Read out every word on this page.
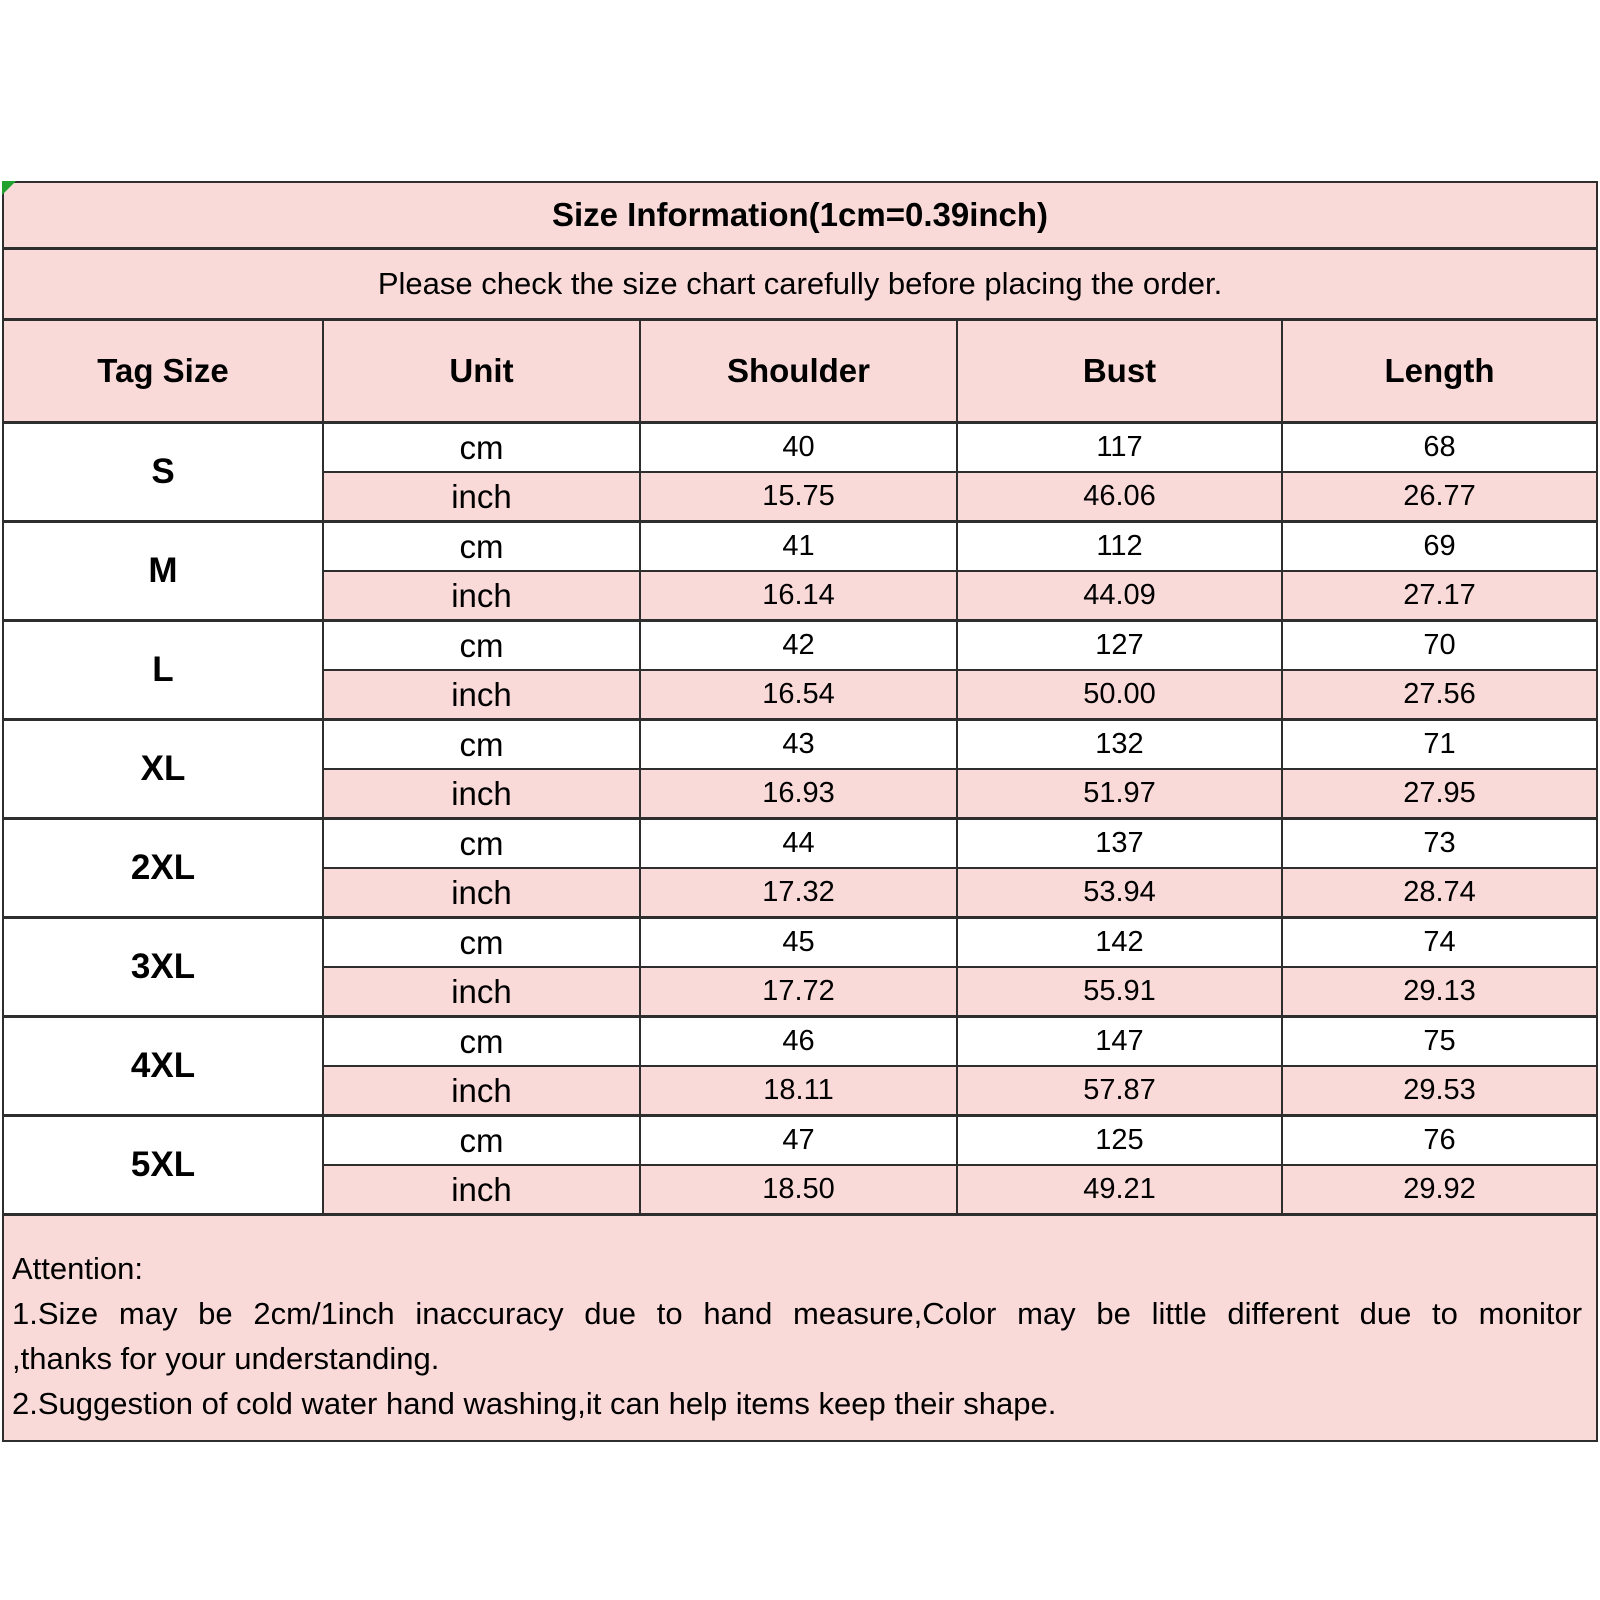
Size Information(1cm=0.39inch)				
Please check the size chart carefully before placing the order.				
Tag Size	Unit	Shoulder	Bust	Length
S	cm	40	117	68
	inch	15.75	46.06	26.77
M	cm	41	112	69
	inch	16.14	44.09	27.17
L	cm	42	127	70
	inch	16.54	50.00	27.56
XL	cm	43	132	71
	inch	16.93	51.97	27.95
2XL	cm	44	137	73
	inch	17.32	53.94	28.74
3XL	cm	45	142	74
	inch	17.72	55.91	29.13
4XL	cm	46	147	75
	inch	18.11	57.87	29.53
5XL	cm	47	125	76
	inch	18.50	49.21	29.92

Attention:
1.Size may be 2cm/1inch inaccuracy due to hand measure,Color may be little different due to monitor
,thanks for your understanding.
2.Suggestion of cold water hand washing,it can help items keep their shape.				
